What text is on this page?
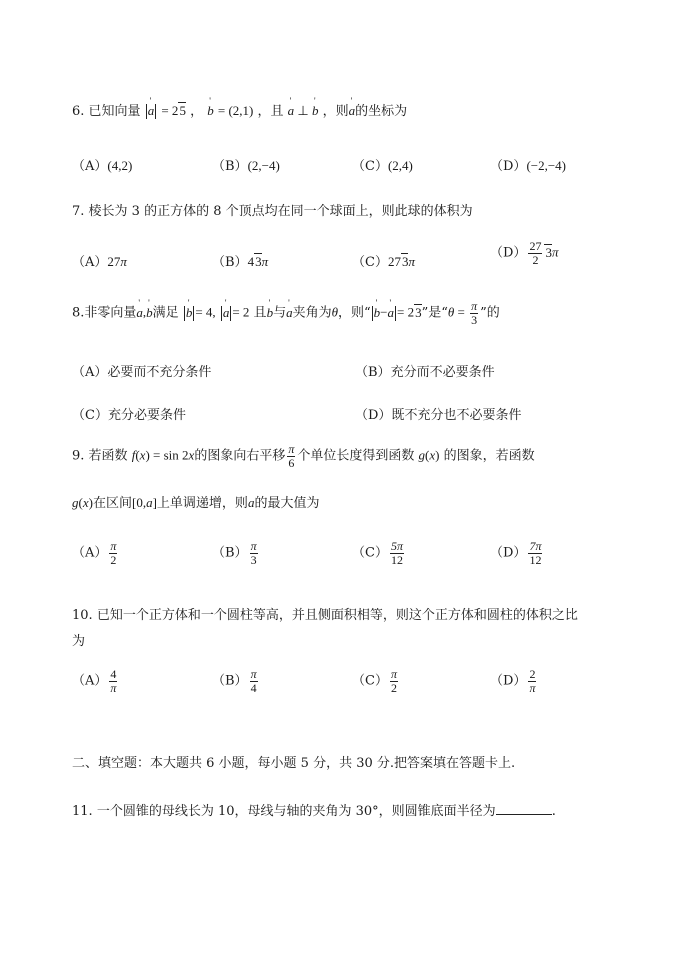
6. 已知向量 ' a = 25 ， ' b = (2,1) ，且 ' a ⊥ ' b ，则' a的坐标为
（A）(4,2)	（B）(2,−4)	（C）(2,4)	（D）(−2,−4)
7. 棱长为 3 的正方体的 8 个顶点均在同一个球面上，则此球的体积为
（A）27π	（B）43π	（C）273π
$(D) \frac{27}{2} 3\pi$
8.非零向量' a,' b满足 ' b = 4, ' a = 2 且' b与' a夹角为θ，则“ ' b−' a = 23”是“$\theta = \frac{\pi}{3}$ ”的
（A）必要而不充分条件	（B）充分而不必要条件
（C）充分必要条件	（D）既不充分也不必要条件
9. 若函数 f(x) = sin 2x的图象向右平移 $\frac{\pi}{6}$ 个单位长度得到函数 g(x) 的图象，若函数
g(x)在区间[0,a]上单调递增，则a的最大值为
$(A) \frac{\pi}{2}$	$(B) \frac{\pi}{3}$	$(C) \frac{5\pi}{12}$	$(D) \frac{7\pi}{12}$
10. 已知一个正方体和一个圆柱等高，并且侧面积相等，则这个正方体和圆柱的体积之比
为
$(A) \frac{4}{\pi}$	$(B) \frac{\pi}{4}$	$(C) \frac{\pi}{2}$	$(D) \frac{2}{\pi}$
二、填空题：本大题共 6 小题，每小题 5 分，共 30 分.把答案填在答题卡上.
11. 一个圆锥的母线长为 10，母线与轴的夹角为 30°，则圆锥底面半径为	.
